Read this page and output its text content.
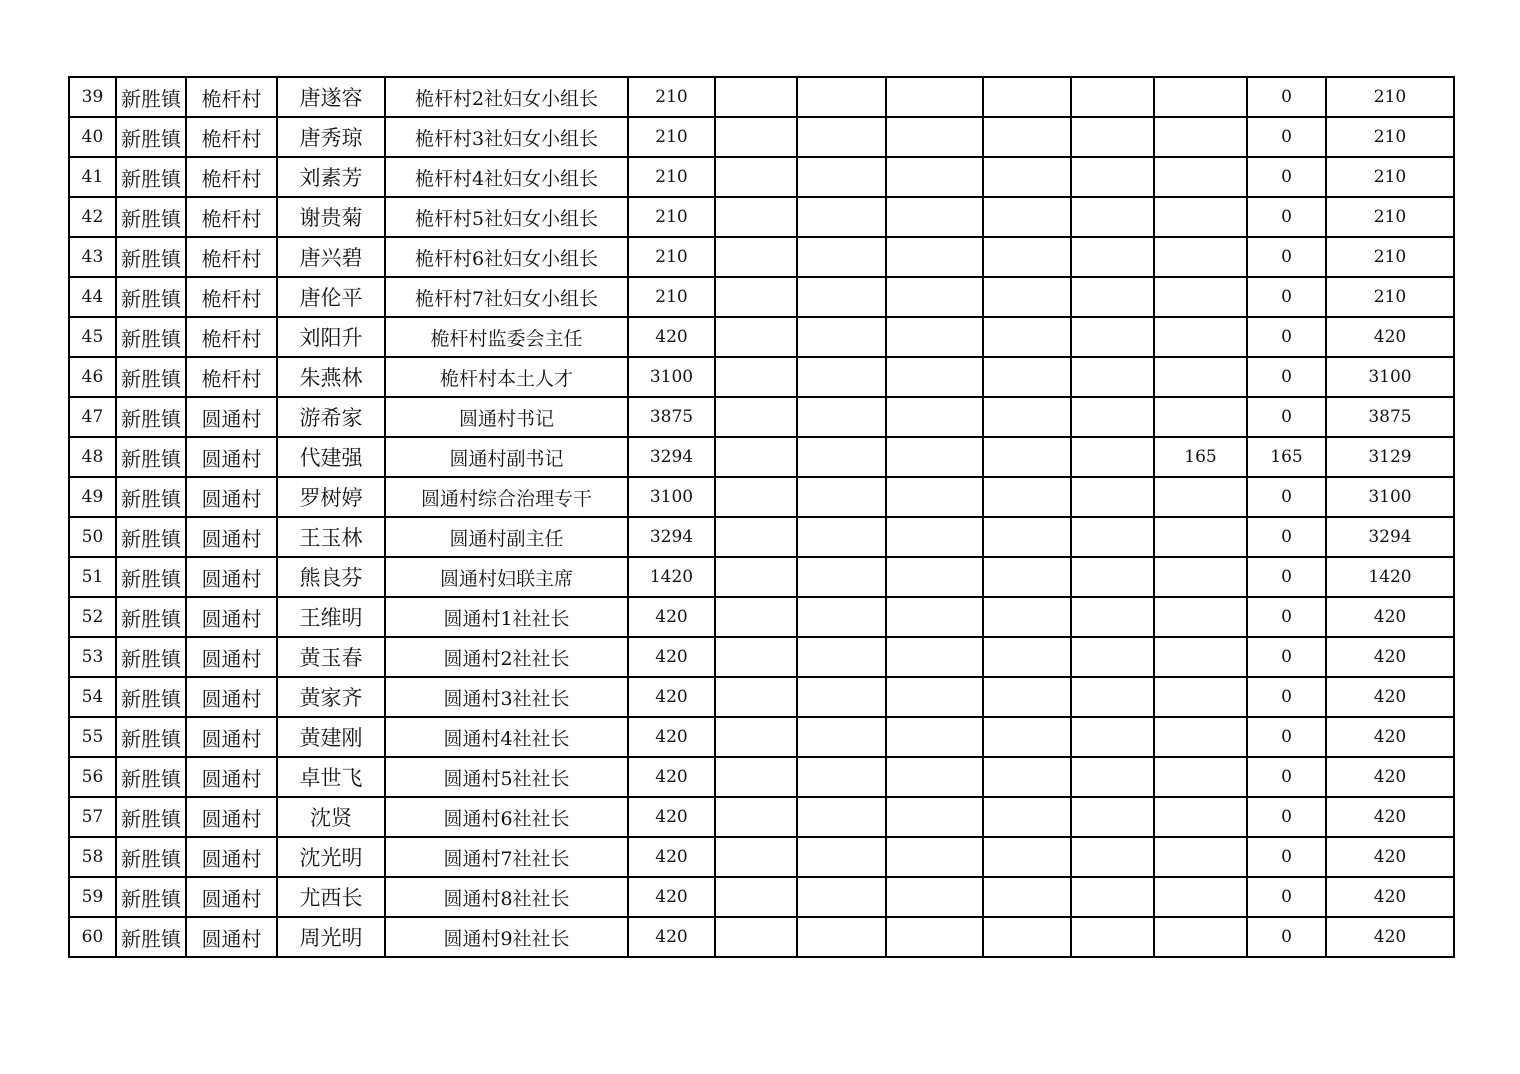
39	新胜镇	桅杆村	唐遂容	桅杆村2社妇女小组长	210							0	210
40	新胜镇	桅杆村	唐秀琼	桅杆村3社妇女小组长	210							0	210
41	新胜镇	桅杆村	刘素芳	桅杆村4社妇女小组长	210							0	210
42	新胜镇	桅杆村	谢贵菊	桅杆村5社妇女小组长	210							0	210
43	新胜镇	桅杆村	唐兴碧	桅杆村6社妇女小组长	210							0	210
44	新胜镇	桅杆村	唐伦平	桅杆村7社妇女小组长	210							0	210
45	新胜镇	桅杆村	刘阳升	桅杆村监委会主任	420							0	420
46	新胜镇	桅杆村	朱燕林	桅杆村本土人才	3100							0	3100
47	新胜镇	圆通村	游希家	圆通村书记	3875							0	3875
48	新胜镇	圆通村	代建强	圆通村副书记	3294						165	165	3129
49	新胜镇	圆通村	罗树婷	圆通村综合治理专干	3100							0	3100
50	新胜镇	圆通村	王玉林	圆通村副主任	3294							0	3294
51	新胜镇	圆通村	熊良芬	圆通村妇联主席	1420							0	1420
52	新胜镇	圆通村	王维明	圆通村1社社长	420							0	420
53	新胜镇	圆通村	黄玉春	圆通村2社社长	420							0	420
54	新胜镇	圆通村	黄家齐	圆通村3社社长	420							0	420
55	新胜镇	圆通村	黄建刚	圆通村4社社长	420							0	420
56	新胜镇	圆通村	卓世飞	圆通村5社社长	420							0	420
57	新胜镇	圆通村	沈贤	圆通村6社社长	420							0	420
58	新胜镇	圆通村	沈光明	圆通村7社社长	420							0	420
59	新胜镇	圆通村	尤西长	圆通村8社社长	420							0	420
60	新胜镇	圆通村	周光明	圆通村9社社长	420							0	420
